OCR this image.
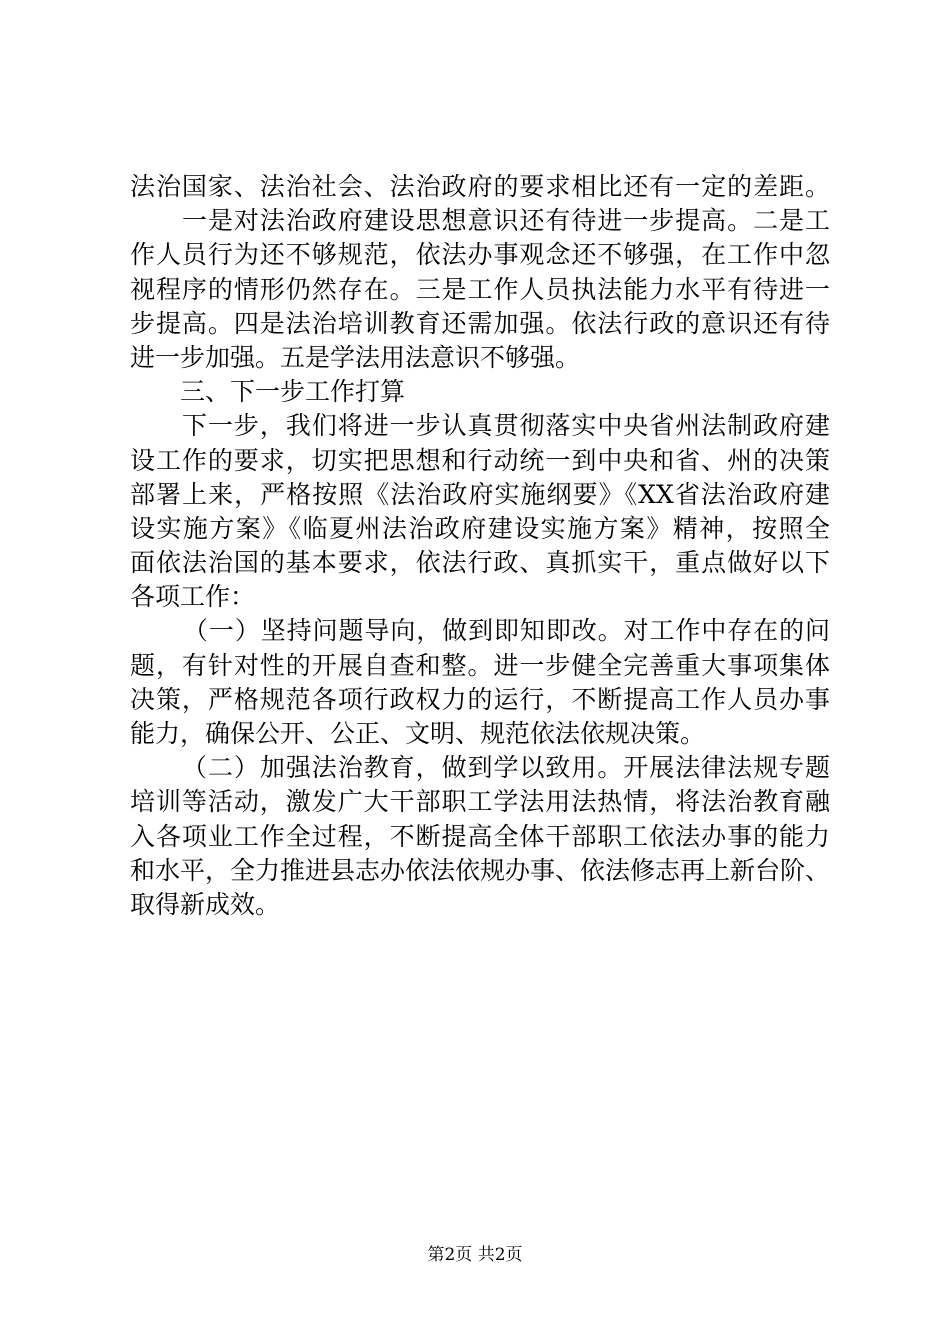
法治国家、法治社会、法治政府的要求相比还有一定的差距。
一是对法治政府建设思想意识还有待进一步提高。二是工
作人员行为还不够规范，依法办事观念还不够强，在工作中忽
视程序的情形仍然存在。三是工作人员执法能力水平有待进一
步提高。四是法治培训教育还需加强。依法行政的意识还有待
进一步加强。五是学法用法意识不够强。
三、下一步工作打算
下一步，我们将进一步认真贯彻落实中央省州法制政府建
设工作的要求，切实把思想和行动统一到中央和省、州的决策
部署上来，严格按照《法治政府实施纲要》《XX省法治政府建
设实施方案》《临夏州法治政府建设实施方案》精神，按照全
面依法治国的基本要求，依法行政、真抓实干，重点做好以下
各项工作：
（一）坚持问题导向，做到即知即改。对工作中存在的问
题，有针对性的开展自查和整。进一步健全完善重大事项集体
决策，严格规范各项行政权力的运行，不断提高工作人员办事
能力，确保公开、公正、文明、规范依法依规决策。
（二）加强法治教育，做到学以致用。开展法律法规专题
培训等活动，激发广大干部职工学法用法热情，将法治教育融
入各项业工作全过程，不断提高全体干部职工依法办事的能力
和水平，全力推进县志办依法依规办事、依法修志再上新台阶、
取得新成效。
第2页 共2页
